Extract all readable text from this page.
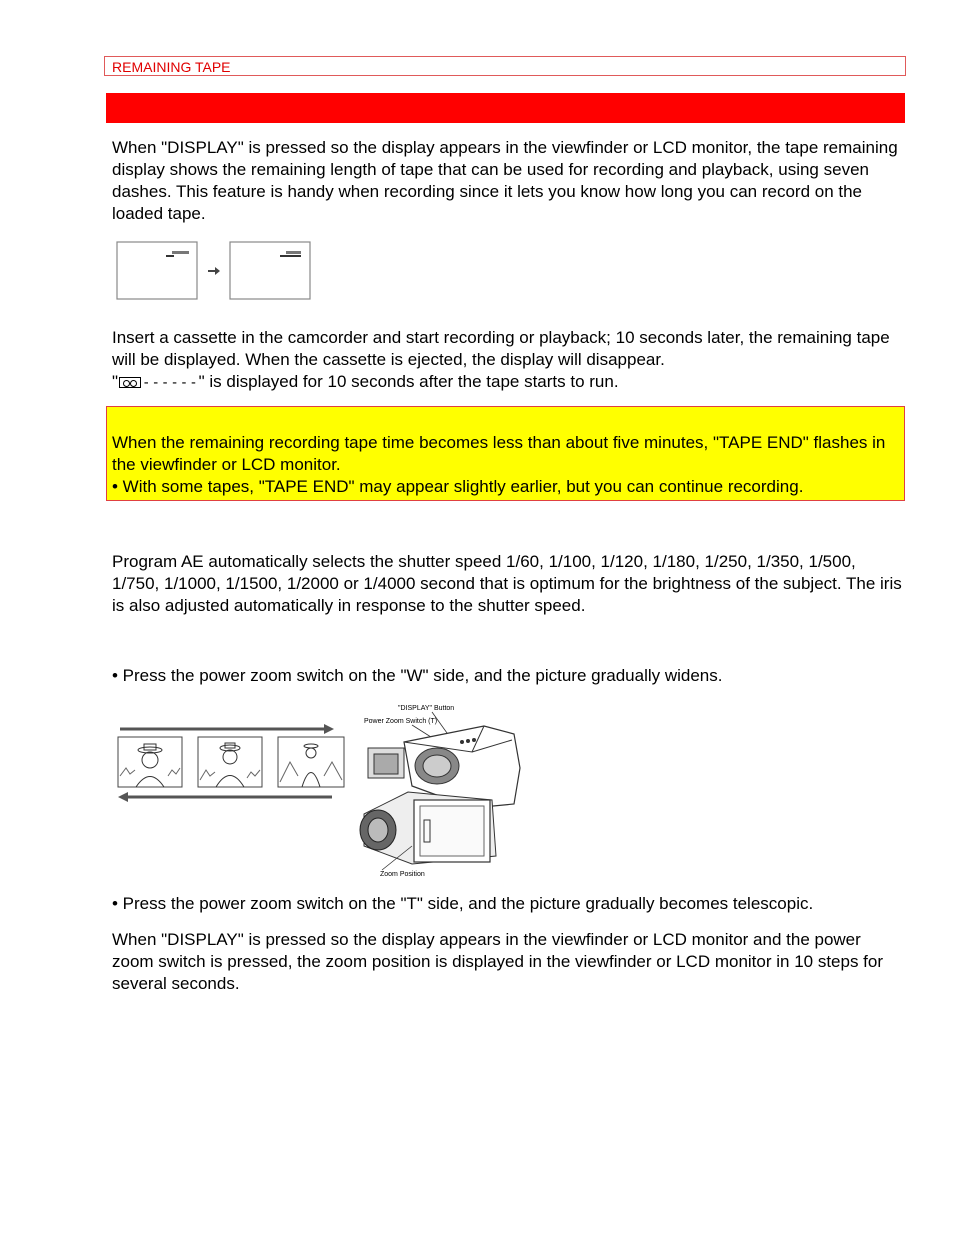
REMAINING TAPE
When "DISPLAY" is pressed so the display appears in the viewfinder or LCD monitor, the tape remaining display shows the remaining length of tape that can be used for recording and playback, using seven dashes. This feature is handy when recording since it lets you know how long you can record on the loaded tape.
Insert a cassette in the camcorder and start recording or playback; 10 seconds later, the remaining tape will be displayed. When the cassette is ejected, the display will disappear.
" ------" is displayed for 10 seconds after the tape starts to run.

When the remaining recording tape time becomes less than about five minutes, "TAPE END" flashes in the viewfinder or LCD monitor.

• With some tapes, "TAPE END" may appear slightly earlier, but you can continue recording.

Program AE automatically selects the shutter speed 1/60, 1/100, 1/120, 1/180, 1/250, 1/350, 1/500, 1/750, 1/1000, 1/1500, 1/2000 or 1/4000 second that is optimum for the brightness of the subject. The iris is also adjusted automatically in response to the shutter speed.
• Press the power zoom switch on the "W" side, and the picture gradually widens.
"DISPLAY" Button
Power Zoom Switch (T)
Zoom Position
• Press the power zoom switch on the "T" side, and the picture gradually becomes telescopic.
When "DISPLAY" is pressed so the display appears in the viewfinder or LCD monitor and the power zoom switch is pressed, the zoom position is displayed in the viewfinder or LCD monitor in 10 steps for several seconds.
